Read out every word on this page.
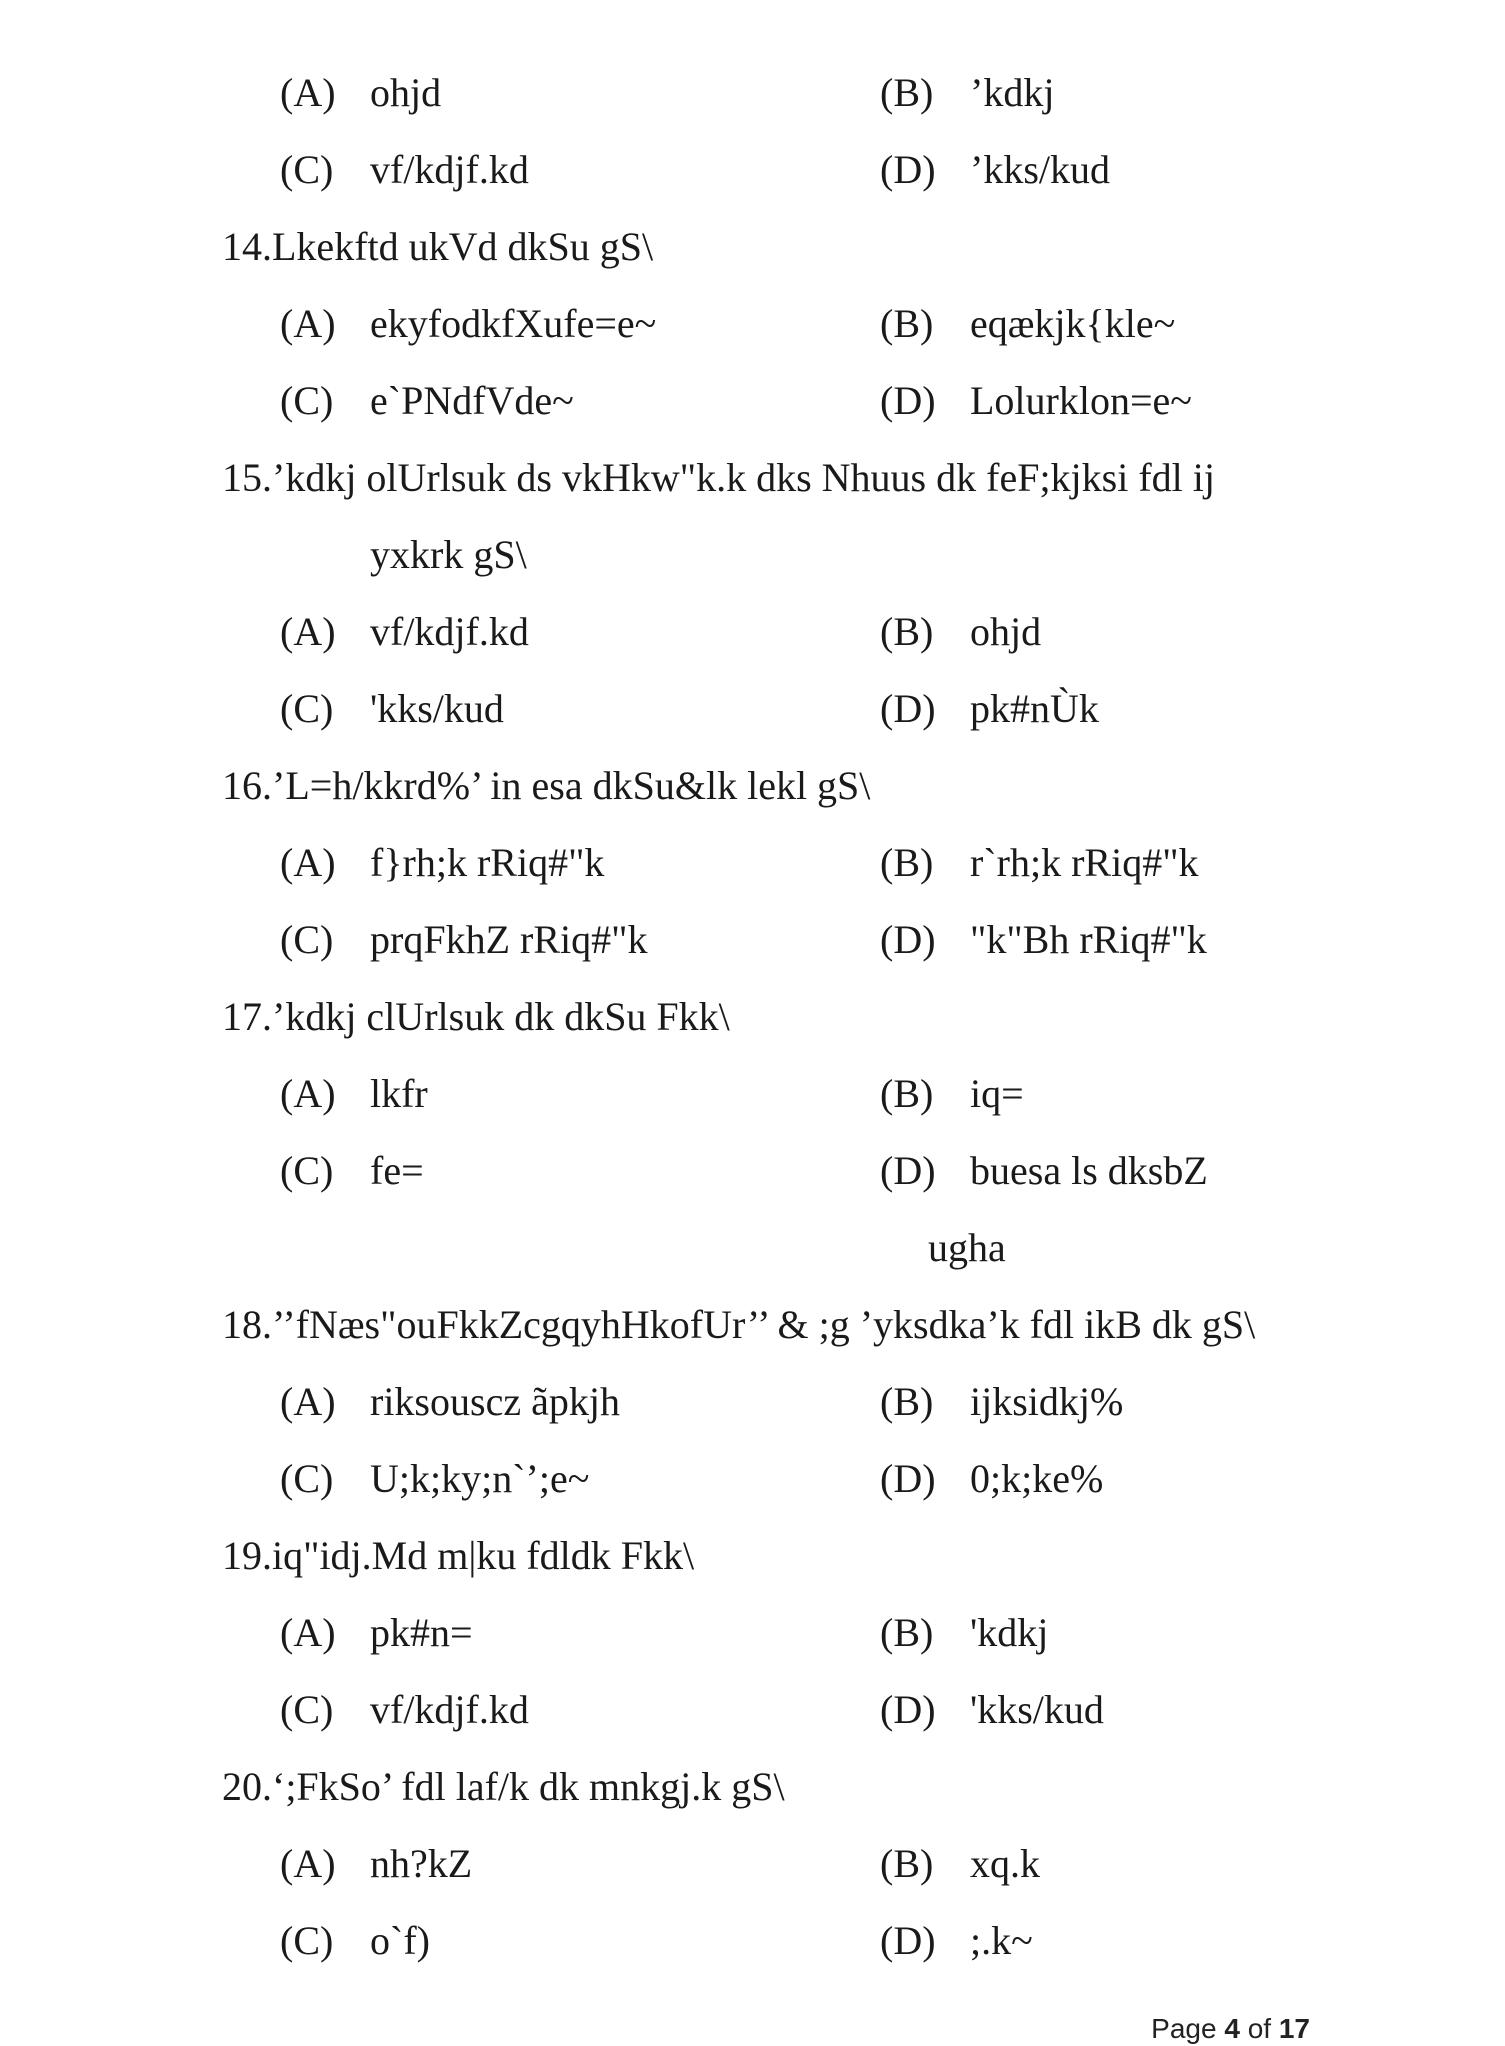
(A) ohjd	(B) ’kdkj
(C) vf/kdjf.kd	(D) ’kks/kud
14.Lkekftd ukVd dkSu gS\
(A) ekyfodkfXufe=e~	(B) eqækjk{kle~
(C) e`PNdfVde~	(D) Lolurklon=e~
15.’kdkj olUrlsuk ds vkHkw"k.k dks Nhuus dk feF;kjksi fdl ij
yxkrk gS\
(A) vf/kdjf.kd	(B) ohjd
(C) 'kks/kud	(D) pk#nÙk
16.’L=h/kkrd%’ in esa dkSu&lk lekl gS\
(A) f}rh;k rRiq#"k	(B) r`rh;k rRiq#"k
(C) prqFkhZ rRiq#"k	(D) "k"Bh rRiq#"k
17.’kdkj clUrlsuk dk dkSu Fkk\
(A) lkfr	(B) iq=
(C) fe=	(D) buesa ls dksbZ
ugha
18.’’fNæs"ouFkkZcgqyhHkofUr’’ & ;g ’yksdka’k fdl ikB dk gS\
(A) riksouscz ãpkjh	(B) ijksidkj%
(C) U;k;ky;n`’;e~	(D) 0;k;ke%
19.iq"idj.Md m|ku fdldk Fkk\
(A) pk#n=	(B) 'kdkj
(C) vf/kdjf.kd	(D) 'kks/kud
20.‘;FkSo’ fdl laf/k dk mnkgj.k gS\
(A) nh?kZ	(B) xq.k
(C) o`f)	(D) ;.k~
Page 4 of 17
